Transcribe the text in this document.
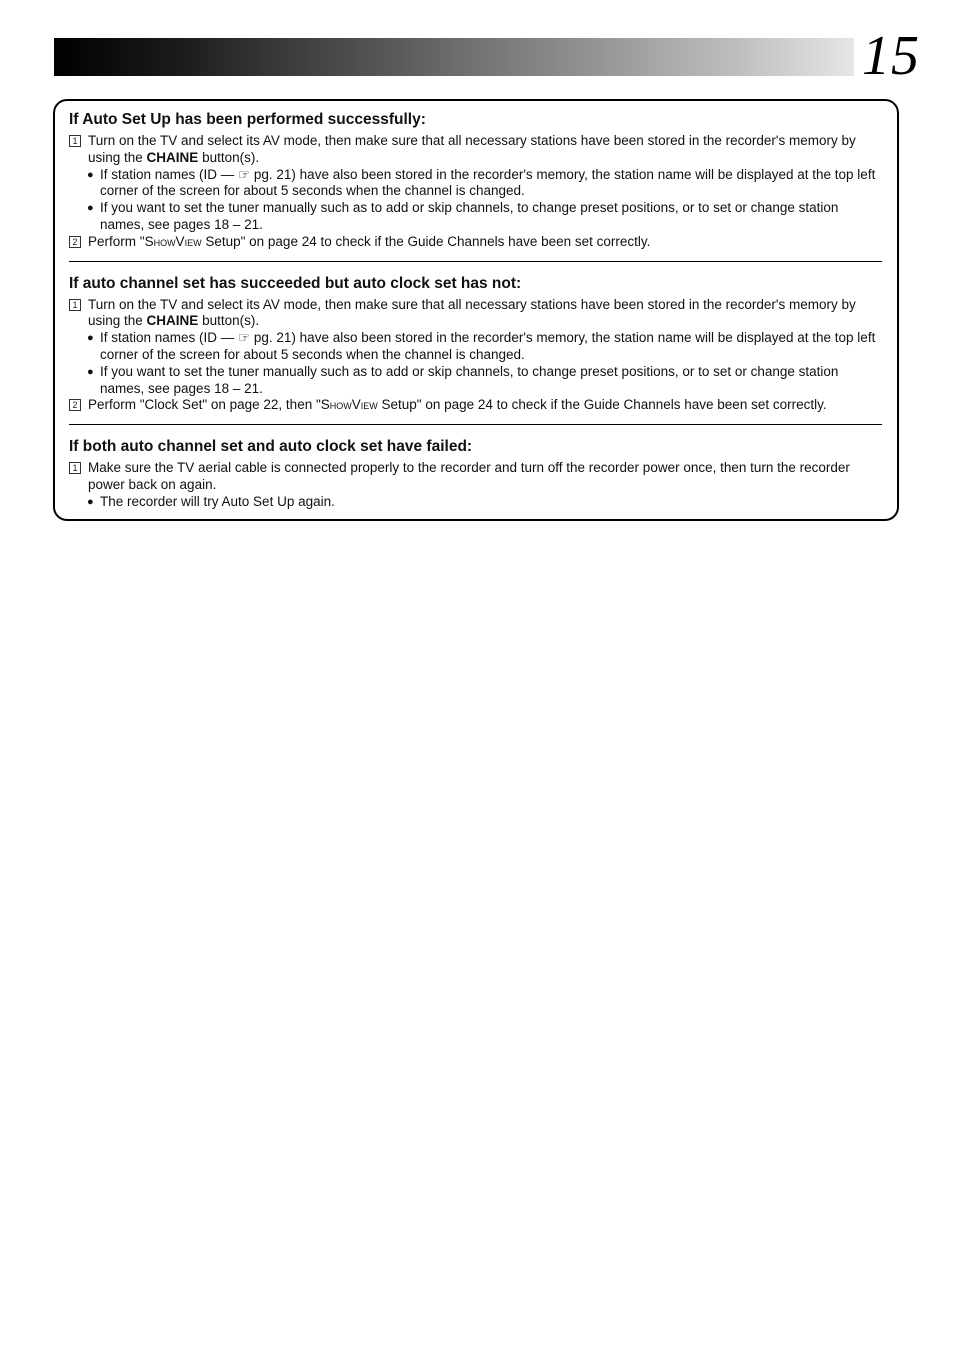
15
If Auto Set Up has been performed successfully:
1 Turn on the TV and select its AV mode, then make sure that all necessary stations have been stored in the recorder's memory by using the CHAINE button(s).
● If station names (ID — ☞ pg. 21) have also been stored in the recorder's memory, the station name will be displayed at the top left corner of the screen for about 5 seconds when the channel is changed.
● If you want to set the tuner manually such as to add or skip channels, to change preset positions, or to set or change station names, see pages 18 – 21.
2 Perform "ShowView Setup" on page 24 to check if the Guide Channels have been set correctly.
If auto channel set has succeeded but auto clock set has not:
1 Turn on the TV and select its AV mode, then make sure that all necessary stations have been stored in the recorder's memory by using the CHAINE button(s).
● If station names (ID — ☞ pg. 21) have also been stored in the recorder's memory, the station name will be displayed at the top left corner of the screen for about 5 seconds when the channel is changed.
● If you want to set the tuner manually such as to add or skip channels, to change preset positions, or to set or change station names, see pages 18 – 21.
2 Perform "Clock Set" on page 22, then "ShowView Setup" on page 24 to check if the Guide Channels have been set correctly.
If both auto channel set and auto clock set have failed:
1 Make sure the TV aerial cable is connected properly to the recorder and turn off the recorder power once, then turn the recorder power back on again.
● The recorder will try Auto Set Up again.
